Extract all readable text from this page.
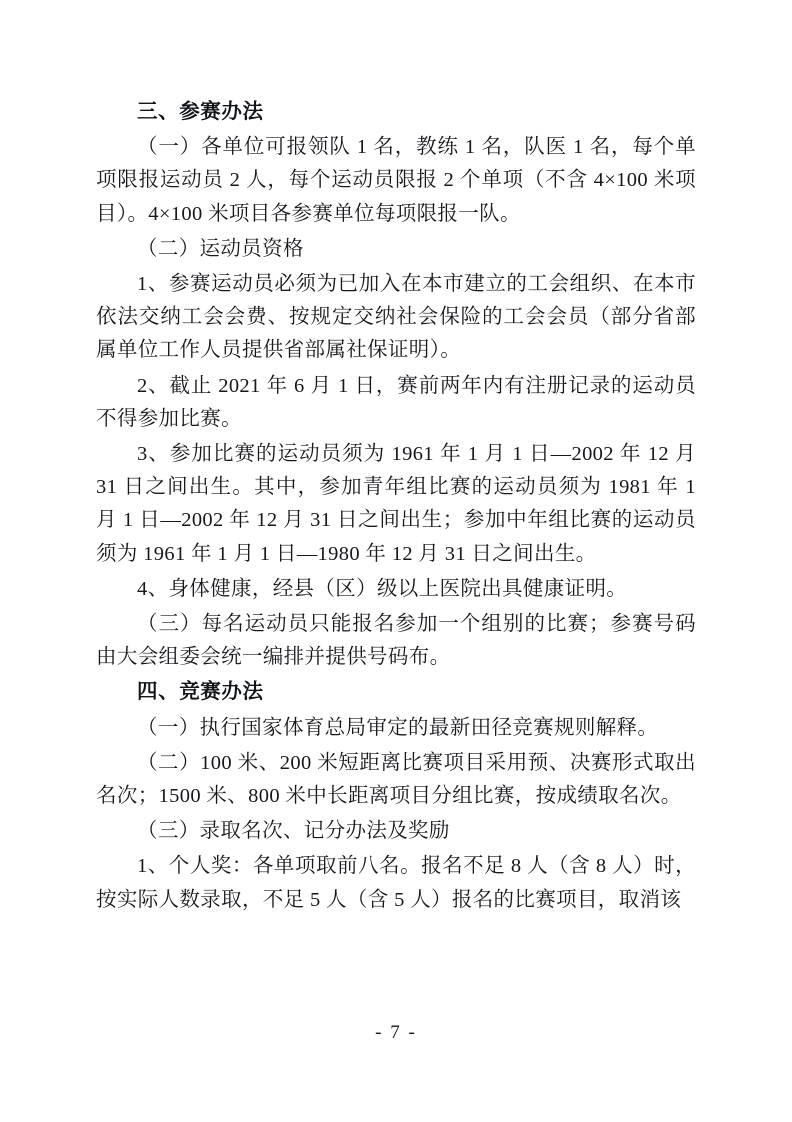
三、参赛办法

（一）各单位可报领队 1 名，教练 1 名，队医 1 名，每个单项限报运动员 2 人，每个运动员限报 2 个单项（不含 4×100 米项目）。4×100 米项目各参赛单位每项限报一队。

（二）运动员资格

1、参赛运动员必须为已加入在本市建立的工会组织、在本市依法交纳工会会费、按规定交纳社会保险的工会会员（部分省部属单位工作人员提供省部属社保证明）。

2、截止 2021 年 6 月 1 日，赛前两年内有注册记录的运动员不得参加比赛。

3、参加比赛的运动员须为 1961 年 1 月 1 日—2002 年 12 月 31 日之间出生。其中，参加青年组比赛的运动员须为 1981 年 1 月 1 日—2002 年 12 月 31 日之间出生；参加中年组比赛的运动员须为 1961 年 1 月 1 日—1980 年 12 月 31 日之间出生。

4、身体健康，经县（区）级以上医院出具健康证明。

（三）每名运动员只能报名参加一个组别的比赛；参赛号码由大会组委会统一编排并提供号码布。

四、竞赛办法

（一）执行国家体育总局审定的最新田径竞赛规则解释。

（二）100 米、200 米短距离比赛项目采用预、决赛形式取出名次；1500 米、800 米中长距离项目分组比赛，按成绩取名次。

（三）录取名次、记分办法及奖励

1、个人奖：各单项取前八名。报名不足 8 人（含 8 人）时，按实际人数录取，不足 5 人（含 5 人）报名的比赛项目，取消该

- 7 -
